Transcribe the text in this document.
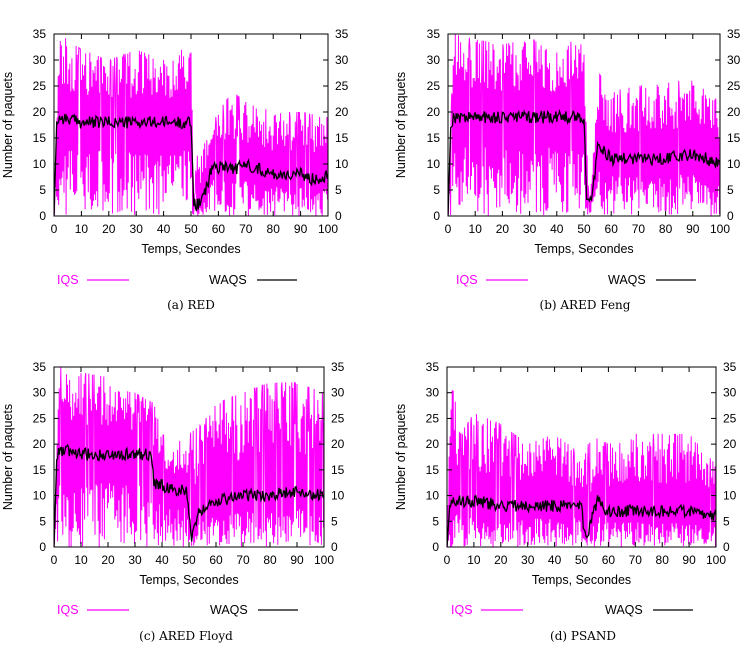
0 10 20 30 40 50 60 70 80 90 100
0	0
5	5
10	10
15	15
20	20
25	25
30	30
35	35
Temps, Secondes
Number of paquets
IQS	WAQS
(a) RED
0 10 20 30 40 50 60 70 80 90 100
0	0
5	5
10	10
15	15
20	20
25	25
30	30
35	35
Temps, Secondes
Number of paquets
IQS	WAQS
(b) ARED Feng
0 10 20 30 40 50 60 70 80 90 100
0	0
5	5
10	10
15	15
20	20
25	25
30	30
35	35
Temps, Secondes
Number of paquets
IQS	WAQS
(c) ARED Floyd
0 10 20 30 40 50 60 70 80 90 100
0	0
5	5
10	10
15	15
20	20
25	25
30	30
35	35
Temps, Secondes
Number of paquets
IQS	WAQS
(d) PSAND
